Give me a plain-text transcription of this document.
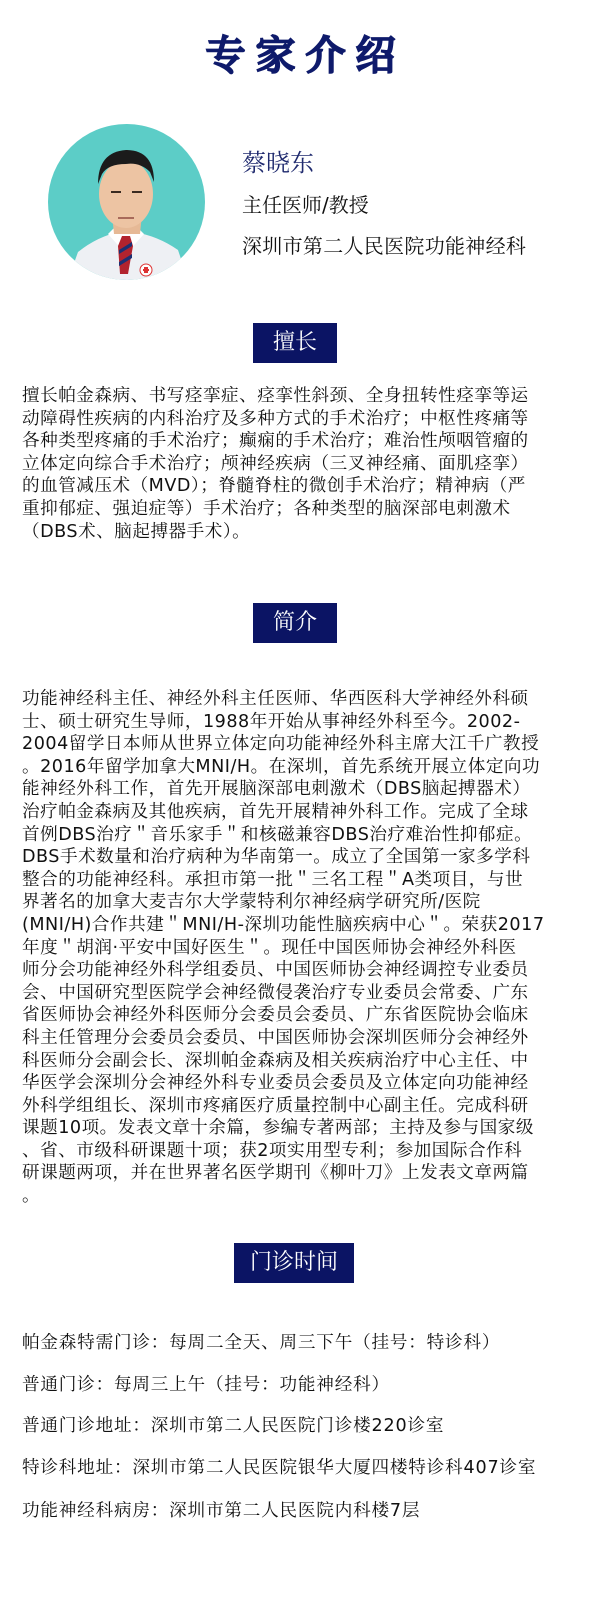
专家介绍
蔡晓东
主任医师/教授
深圳市第二人民医院功能神经科
擅长
擅长帕金森病、书写痉挛症、痉挛性斜颈、全身扭转性痉挛等运
动障碍性疾病的内科治疗及多种方式的手术治疗；中枢性疼痛等
各种类型疼痛的手术治疗；癫痫的手术治疗；难治性颅咽管瘤的
立体定向综合手术治疗；颅神经疾病（三叉神经痛、面肌痉挛）
的血管减压术（MVD）；脊髓脊柱的微创手术治疗；精神病（严
重抑郁症、强迫症等）手术治疗；各种类型的脑深部电刺激术
（DBS术、脑起搏器手术）。
简介
功能神经科主任、神经外科主任医师、华西医科大学神经外科硕
士、硕士研究生导师，1988年开始从事神经外科至今。2002-
2004留学日本师从世界立体定向功能神经外科主席大江千广教授
。2016年留学加拿大MNI/H。在深圳，首先系统开展立体定向功
能神经外科工作，首先开展脑深部电刺激术（DBS脑起搏器术）
治疗帕金森病及其他疾病，首先开展精神外科工作。完成了全球
首例DBS治疗＂音乐家手＂和核磁兼容DBS治疗难治性抑郁症。
DBS手术数量和治疗病种为华南第一。成立了全国第一家多学科
整合的功能神经科。承担市第一批＂三名工程＂A类项目，与世
界著名的加拿大麦吉尔大学蒙特利尔神经病学研究所/医院
(MNI/H)合作共建＂MNI/H-深圳功能性脑疾病中心＂。荣获2017
年度＂胡润·平安中国好医生＂。现任中国医师协会神经外科医
师分会功能神经外科学组委员、中国医师协会神经调控专业委员
会、中国研究型医院学会神经微侵袭治疗专业委员会常委、广东
省医师协会神经外科医师分会委员会委员、广东省医院协会临床
科主任管理分会委员会委员、中国医师协会深圳医师分会神经外
科医师分会副会长、深圳帕金森病及相关疾病治疗中心主任、中
华医学会深圳分会神经外科专业委员会委员及立体定向功能神经
外科学组组长、深圳市疼痛医疗质量控制中心副主任。完成科研
课题10项。发表文章十余篇，参编专著两部；主持及参与国家级
、省、市级科研课题十项；获2项实用型专利；参加国际合作科
研课题两项，并在世界著名医学期刊《柳叶刀》上发表文章两篇
。
门诊时间
帕金森特需门诊：每周二全天、周三下午（挂号：特诊科）
普通门诊：每周三上午（挂号：功能神经科）
普通门诊地址：深圳市第二人民医院门诊楼220诊室
特诊科地址：深圳市第二人民医院银华大厦四楼特诊科407诊室
功能神经科病房：深圳市第二人民医院内科楼7层
